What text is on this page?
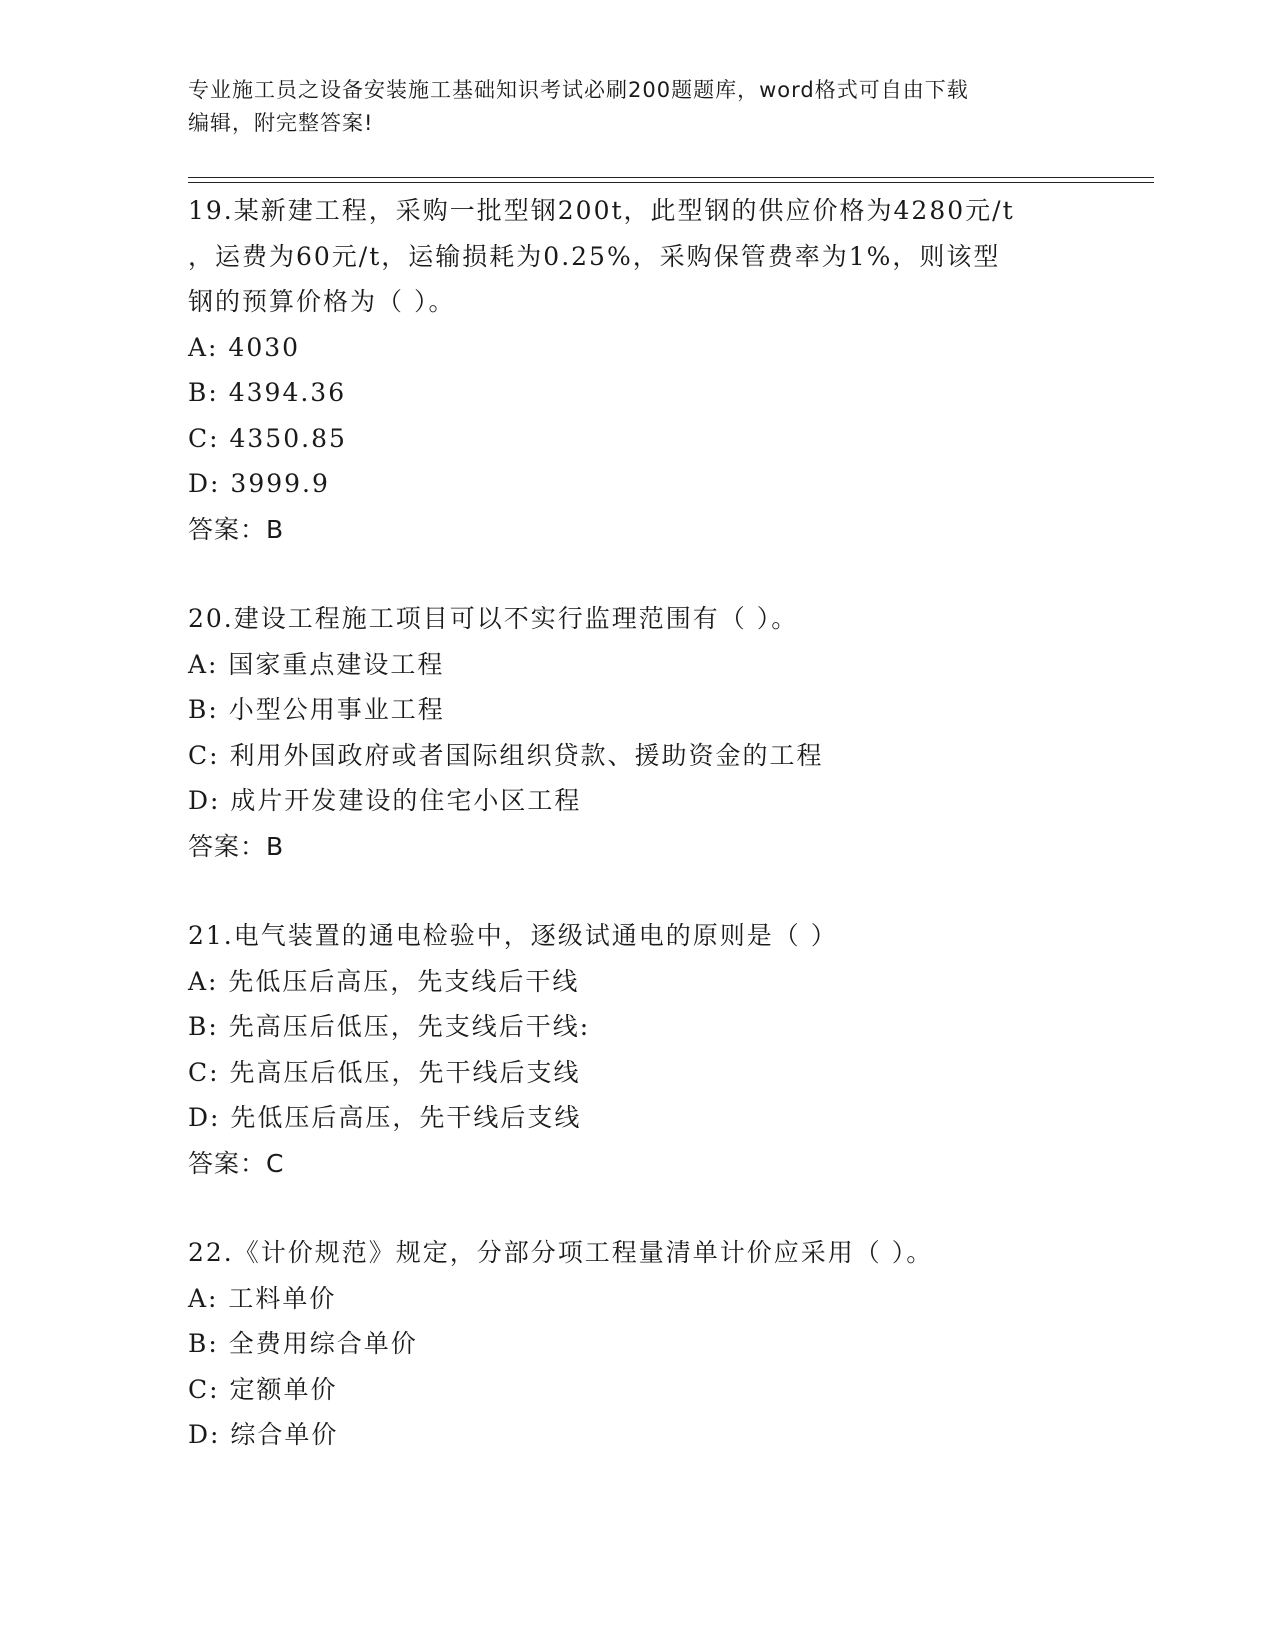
专业施工员之设备安装施工基础知识考试必刷200题题库，word格式可自由下载
编辑，附完整答案!
19.某新建工程，采购一批型钢200t，此型钢的供应价格为4280元/t
，运费为60元/t，运输损耗为0.25%，采购保管费率为1%，则该型
钢的预算价格为（ ）。
A: 4030
B: 4394.36
C: 4350.85
D: 3999.9
答案：B
20.建设工程施工项目可以不实行监理范围有（ ）。
A: 国家重点建设工程
B: 小型公用事业工程
C: 利用外国政府或者国际组织贷款、援助资金的工程
D: 成片开发建设的住宅小区工程
答案：B
21.电气装置的通电检验中，逐级试通电的原则是（ ）
A: 先低压后高压，先支线后干线
B: 先高压后低压，先支线后干线:
C: 先高压后低压，先干线后支线
D: 先低压后高压，先干线后支线
答案：C
22.《计价规范》规定，分部分项工程量清单计价应采用（ ）。
A: 工料单价
B: 全费用综合单价
C: 定额单价
D: 综合单价
